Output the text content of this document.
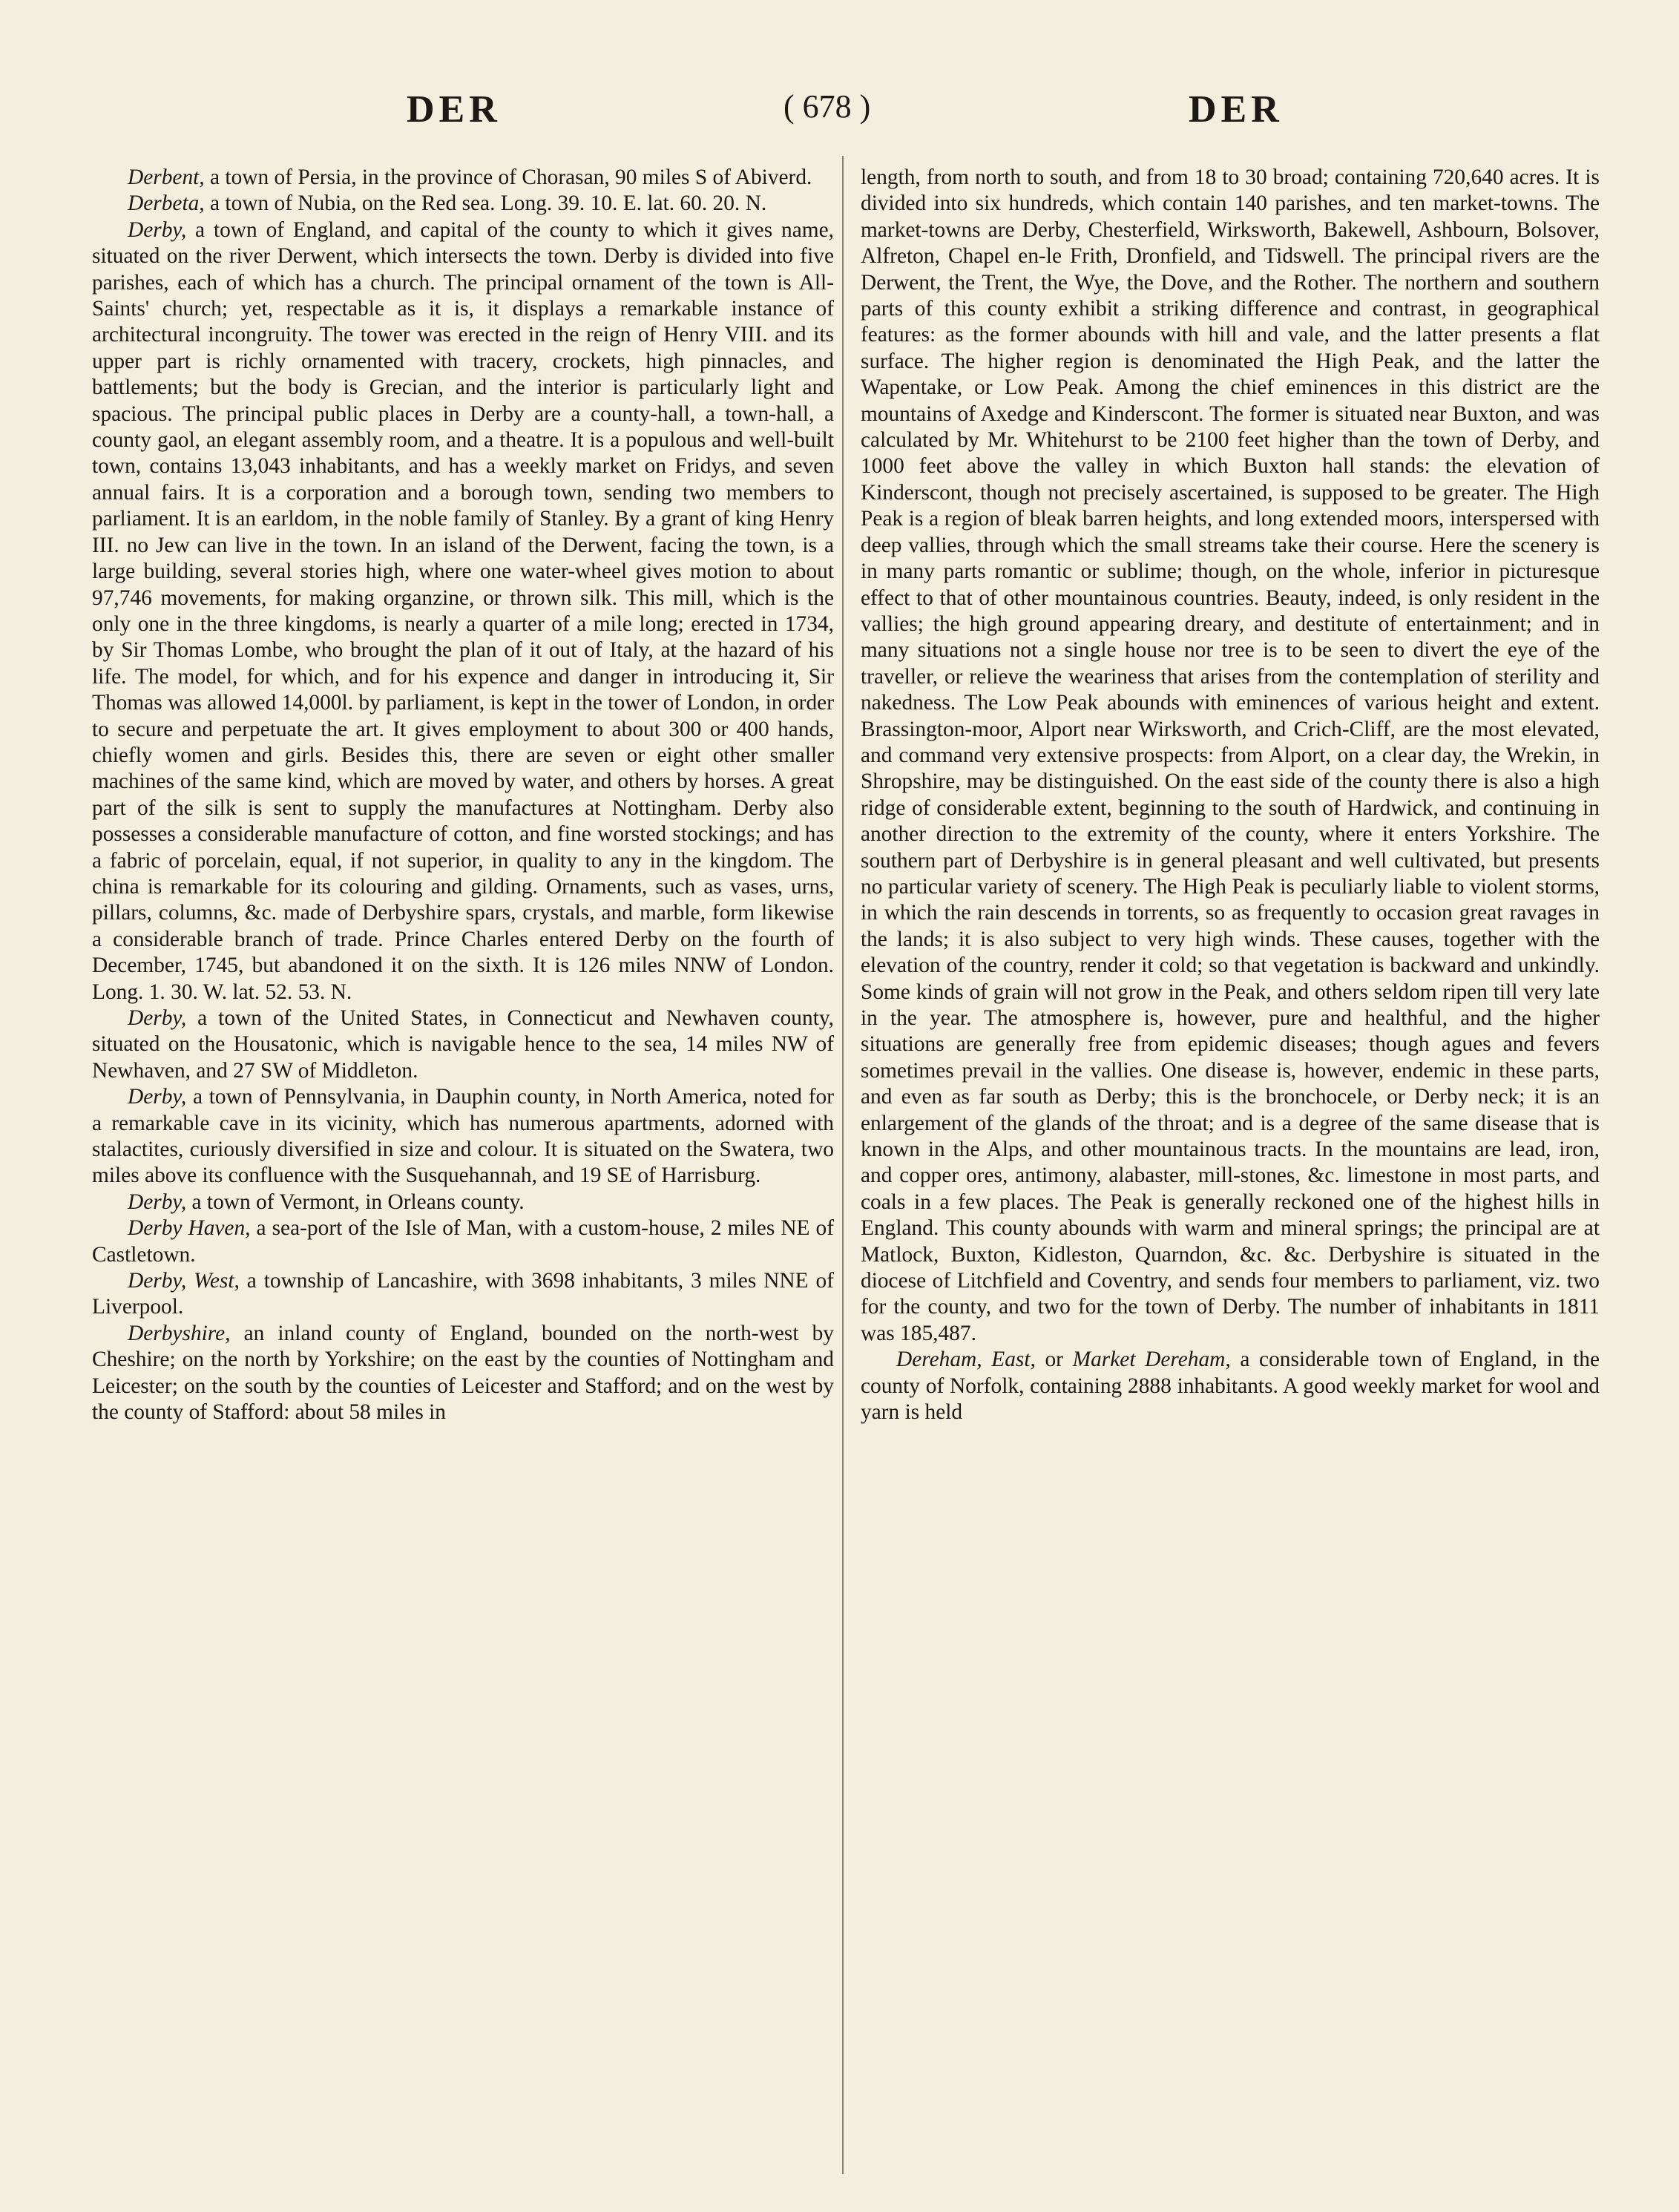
DER	( 678 )	DER

Derbent, a town of Persia, in the province of Chorasan, 90 miles S of Abiverd.

Derbeta, a town of Nubia, on the Red sea. Long. 39. 10. E. lat. 60. 20. N.

Derby, a town of England, and capital of the county to which it gives name, situated on the river Derwent, which intersects the town. Derby is divided into five parishes, each of which has a church. The principal ornament of the town is All-Saints' church; yet, respectable as it is, it displays a remarkable instance of architectural incongruity. The tower was erected in the reign of Henry VIII. and its upper part is richly ornamented with tracery, crockets, high pinnacles, and battlements; but the body is Grecian, and the interior is particularly light and spacious. The principal public places in Derby are a county-hall, a town-hall, a county gaol, an elegant assembly room, and a theatre. It is a populous and well-built town, contains 13,043 inhabitants, and has a weekly market on Fridys, and seven annual fairs. It is a corporation and a borough town, sending two members to parliament. It is an earldom, in the noble family of Stanley. By a grant of king Henry III. no Jew can live in the town. In an island of the Derwent, facing the town, is a large building, several stories high, where one water-wheel gives motion to about 97,746 movements, for making organzine, or thrown silk. This mill, which is the only one in the three kingdoms, is nearly a quarter of a mile long; erected in 1734, by Sir Thomas Lombe, who brought the plan of it out of Italy, at the hazard of his life. The model, for which, and for his expence and danger in introducing it, Sir Thomas was allowed 14,000l. by parliament, is kept in the tower of London, in order to secure and perpetuate the art. It gives employment to about 300 or 400 hands, chiefly women and girls. Besides this, there are seven or eight other smaller machines of the same kind, which are moved by water, and others by horses. A great part of the silk is sent to supply the manufactures at Nottingham. Derby also possesses a considerable manufacture of cotton, and fine worsted stockings; and has a fabric of porcelain, equal, if not superior, in quality to any in the kingdom. The china is remarkable for its colouring and gilding. Ornaments, such as vases, urns, pillars, columns, &c. made of Derbyshire spars, crystals, and marble, form likewise a considerable branch of trade. Prince Charles entered Derby on the fourth of December, 1745, but abandoned it on the sixth. It is 126 miles NNW of London. Long. 1. 30. W. lat. 52. 53. N.

Derby, a town of the United States, in Connecticut and Newhaven county, situated on the Housatonic, which is navigable hence to the sea, 14 miles NW of Newhaven, and 27 SW of Middleton.

Derby, a town of Pennsylvania, in Dauphin county, in North America, noted for a remarkable cave in its vicinity, which has numerous apartments, adorned with stalactites, curiously diversified in size and colour. It is situated on the Swatera, two miles above its confluence with the Susquehannah, and 19 SE of Harrisburg.

Derby, a town of Vermont, in Orleans county.

Derby Haven, a sea-port of the Isle of Man, with a custom-house, 2 miles NE of Castletown.

Derby, West, a township of Lancashire, with 3698 inhabitants, 3 miles NNE of Liverpool.

Derbyshire, an inland county of England, bounded on the north-west by Cheshire; on the north by Yorkshire; on the east by the counties of Nottingham and Leicester; on the south by the counties of Leicester and Stafford; and on the west by the county of Stafford: about 58 miles in

length, from north to south, and from 18 to 30 broad; containing 720,640 acres. It is divided into six hundreds, which contain 140 parishes, and ten market-towns. The market-towns are Derby, Chesterfield, Wirksworth, Bakewell, Ashbourn, Bolsover, Alfreton, Chapel en-le Frith, Dronfield, and Tidswell. The principal rivers are the Derwent, the Trent, the Wye, the Dove, and the Rother. The northern and southern parts of this county exhibit a striking difference and contrast, in geographical features: as the former abounds with hill and vale, and the latter presents a flat surface. The higher region is denominated the High Peak, and the latter the Wapentake, or Low Peak. Among the chief eminences in this district are the mountains of Axedge and Kinderscont. The former is situated near Buxton, and was calculated by Mr. Whitehurst to be 2100 feet higher than the town of Derby, and 1000 feet above the valley in which Buxton hall stands: the elevation of Kinderscont, though not precisely ascertained, is supposed to be greater. The High Peak is a region of bleak barren heights, and long extended moors, interspersed with deep vallies, through which the small streams take their course. Here the scenery is in many parts romantic or sublime; though, on the whole, inferior in picturesque effect to that of other mountainous countries. Beauty, indeed, is only resident in the vallies; the high ground appearing dreary, and destitute of entertainment; and in many situations not a single house nor tree is to be seen to divert the eye of the traveller, or relieve the weariness that arises from the contemplation of sterility and nakedness. The Low Peak abounds with eminences of various height and extent. Brassington-moor, Alport near Wirksworth, and Crich-Cliff, are the most elevated, and command very extensive prospects: from Alport, on a clear day, the Wrekin, in Shropshire, may be distinguished. On the east side of the county there is also a high ridge of considerable extent, beginning to the south of Hardwick, and continuing in another direction to the extremity of the county, where it enters Yorkshire. The southern part of Derbyshire is in general pleasant and well cultivated, but presents no particular variety of scenery. The High Peak is peculiarly liable to violent storms, in which the rain descends in torrents, so as frequently to occasion great ravages in the lands; it is also subject to very high winds. These causes, together with the elevation of the country, render it cold; so that vegetation is backward and unkindly. Some kinds of grain will not grow in the Peak, and others seldom ripen till very late in the year. The atmosphere is, however, pure and healthful, and the higher situations are generally free from epidemic diseases; though agues and fevers sometimes prevail in the vallies. One disease is, however, endemic in these parts, and even as far south as Derby; this is the bronchocele, or Derby neck; it is an enlargement of the glands of the throat; and is a degree of the same disease that is known in the Alps, and other mountainous tracts. In the mountains are lead, iron, and copper ores, antimony, alabaster, mill-stones, &c. limestone in most parts, and coals in a few places. The Peak is generally reckoned one of the highest hills in England. This county abounds with warm and mineral springs; the principal are at Matlock, Buxton, Kidleston, Quarndon, &c. &c. Derbyshire is situated in the diocese of Litchfield and Coventry, and sends four members to parliament, viz. two for the county, and two for the town of Derby. The number of inhabitants in 1811 was 185,487.

Dereham, East, or Market Dereham, a considerable town of England, in the county of Norfolk, containing 2888 inhabitants. A good weekly market for wool and yarn is held
